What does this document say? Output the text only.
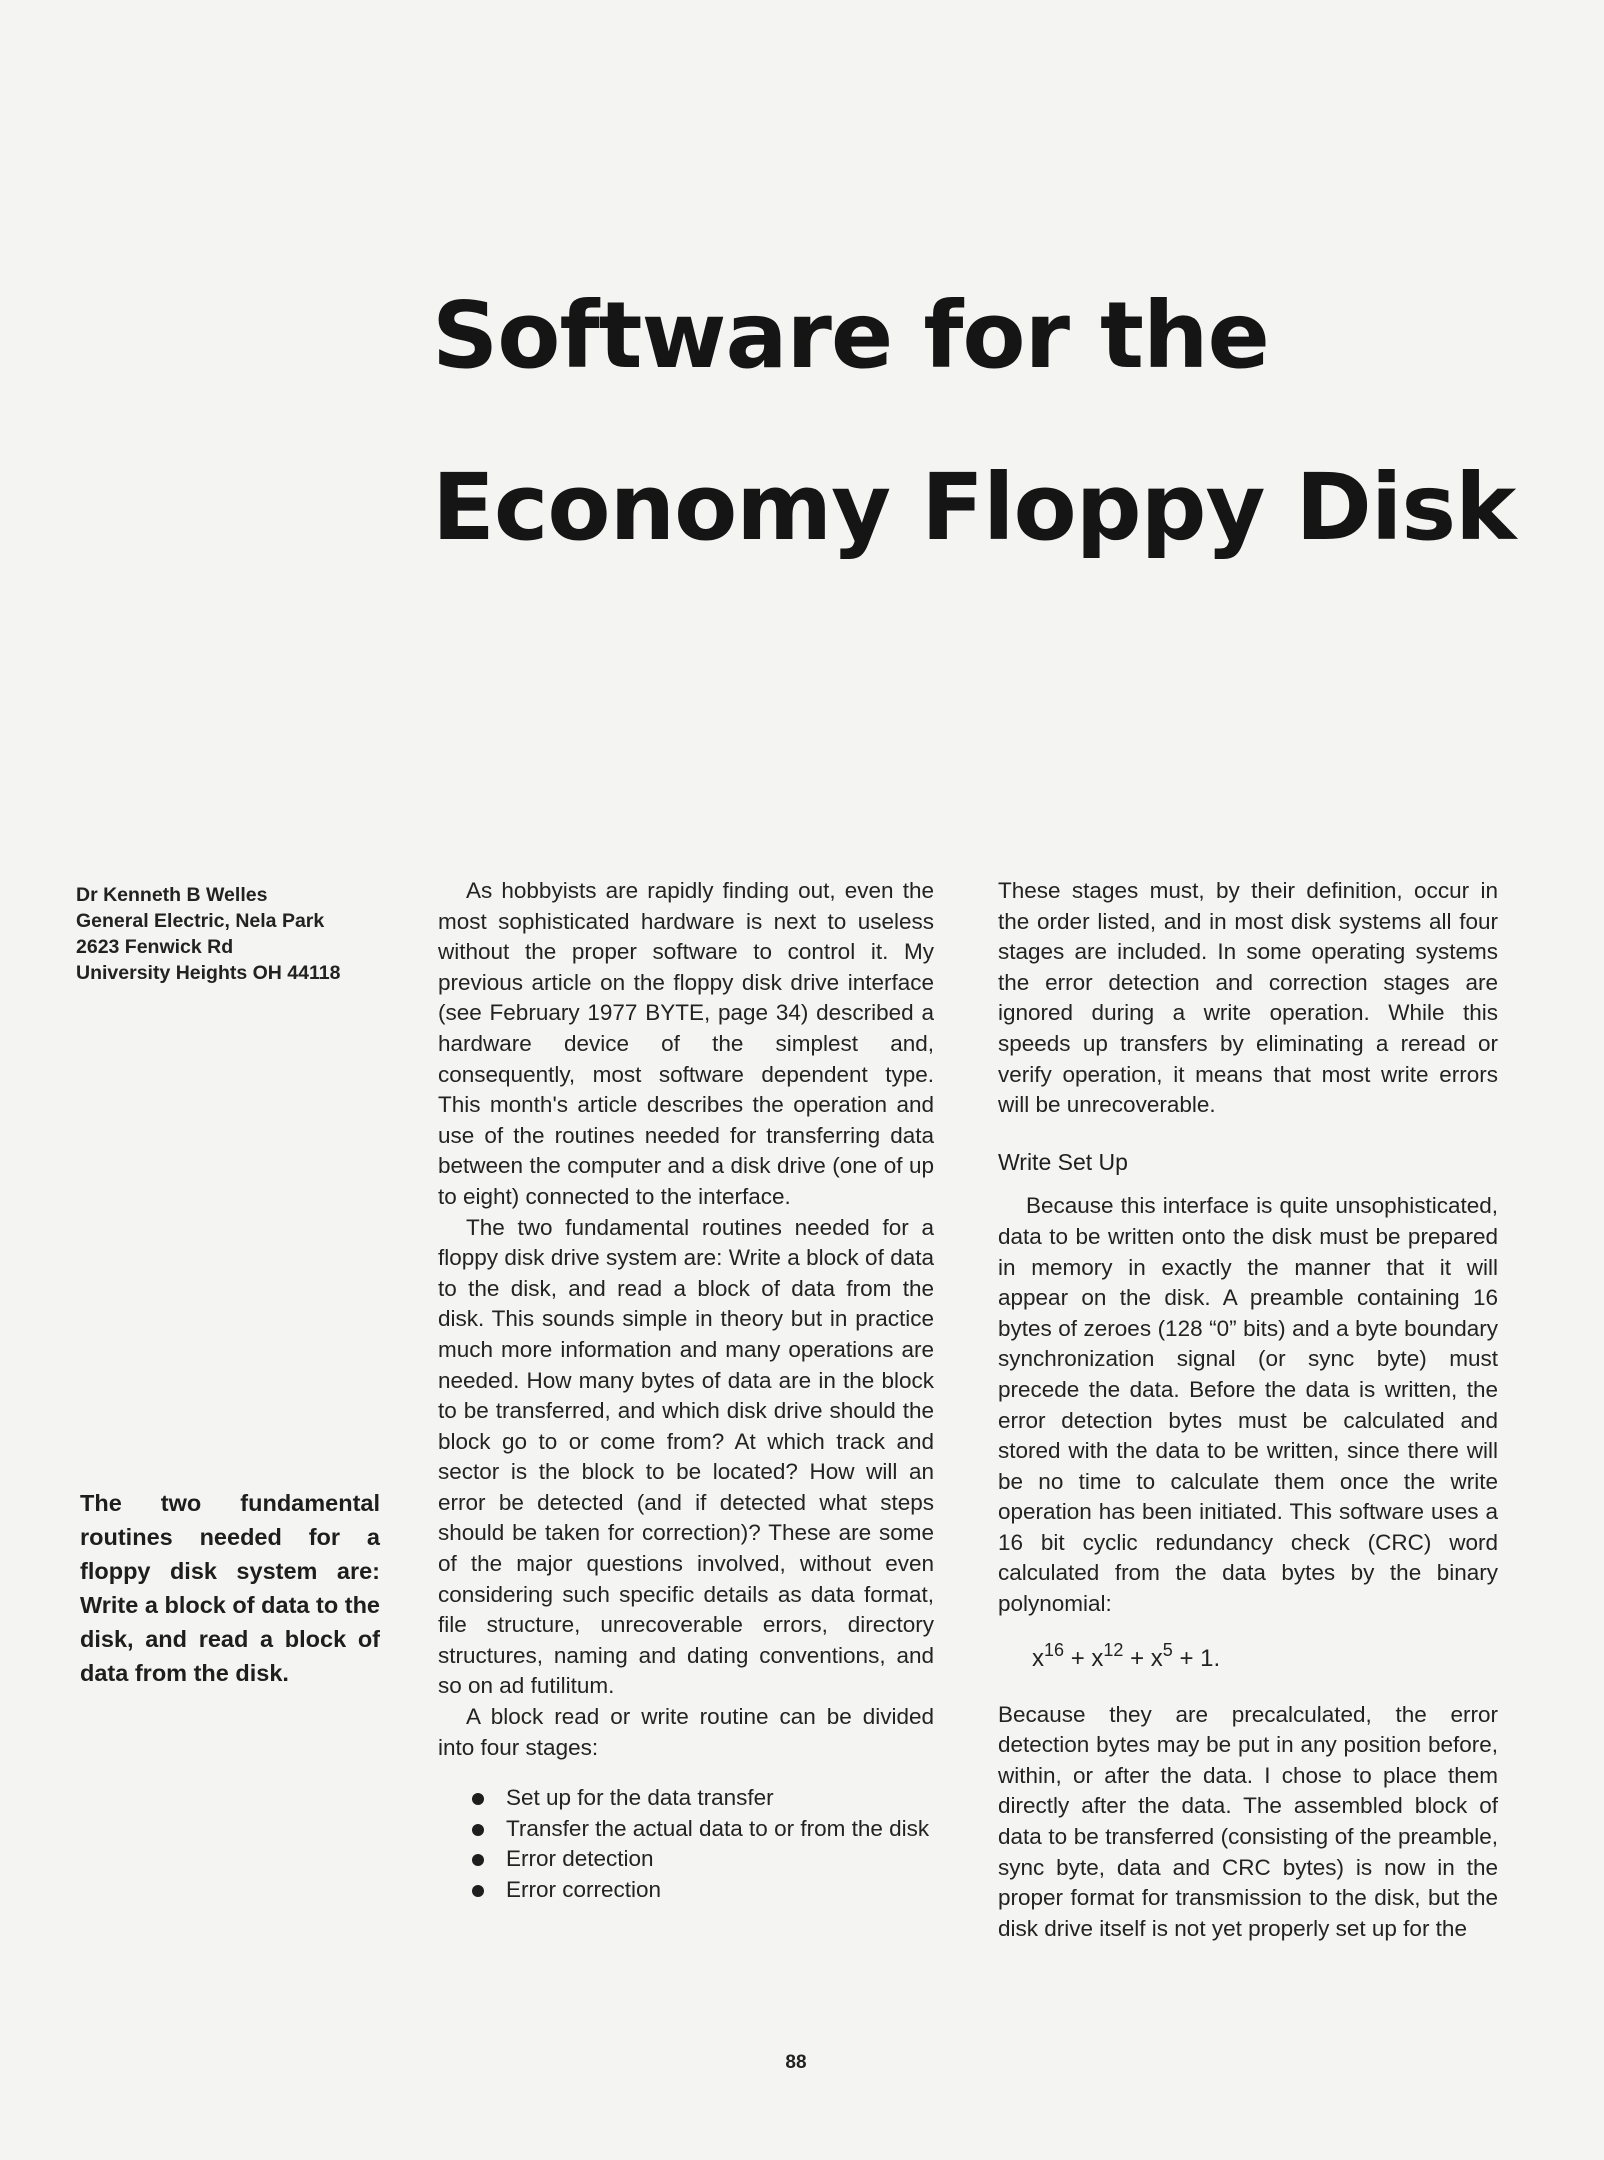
Software for the
Economy Floppy Disk
Dr Kenneth B Welles
General Electric, Nela Park
2623 Fenwick Rd
University Heights OH 44118
The two fundamental routines needed for a floppy disk system are: Write a block of data to the disk, and read a block of data from the disk.

As hobbyists are rapidly finding out, even the most sophisticated hardware is next to useless without the proper software to control it. My previous article on the floppy disk drive interface (see February 1977 BYTE, page 34) described a hardware device of the simplest and, consequently, most software dependent type. This month's article describes the operation and use of the routines needed for transferring data between the computer and a disk drive (one of up to eight) connected to the interface.

The two fundamental routines needed for a floppy disk drive system are: Write a block of data to the disk, and read a block of data from the disk. This sounds simple in theory but in practice much more information and many operations are needed. How many bytes of data are in the block to be transferred, and which disk drive should the block go to or come from? At which track and sector is the block to be located? How will an error be detected (and if detected what steps should be taken for correction)? These are some of the major questions involved, without even considering such specific details as data format, file structure, unrecoverable errors, directory structures, naming and dating conventions, and so on ad futilitum.

A block read or write routine can be divided into four stages:

Set up for the data transfer
Transfer the actual data to or from the disk
Error detection
Error correction

These stages must, by their definition, occur in the order listed, and in most disk systems all four stages are included. In some operating systems the error detection and correction stages are ignored during a write operation. While this speeds up transfers by eliminating a reread or verify operation, it means that most write errors will be unrecoverable.

Write Set Up

Because this interface is quite unsophisticated, data to be written onto the disk must be prepared in memory in exactly the manner that it will appear on the disk. A preamble containing 16 bytes of zeroes (128 “0” bits) and a byte boundary synchronization signal (or sync byte) must precede the data. Before the data is written, the error detection bytes must be calculated and stored with the data to be written, since there will be no time to calculate them once the write operation has been initiated. This software uses a 16 bit cyclic redundancy check (CRC) word calculated from the data bytes by the binary polynomial:

$x^{16} + x^{12} + x^5 + 1$.

Because they are precalculated, the error detection bytes may be put in any position before, within, or after the data. I chose to place them directly after the data. The assembled block of data to be transferred (consisting of the preamble, sync byte, data and CRC bytes) is now in the proper format for transmission to the disk, but the disk drive itself is not yet properly set up for the

88
